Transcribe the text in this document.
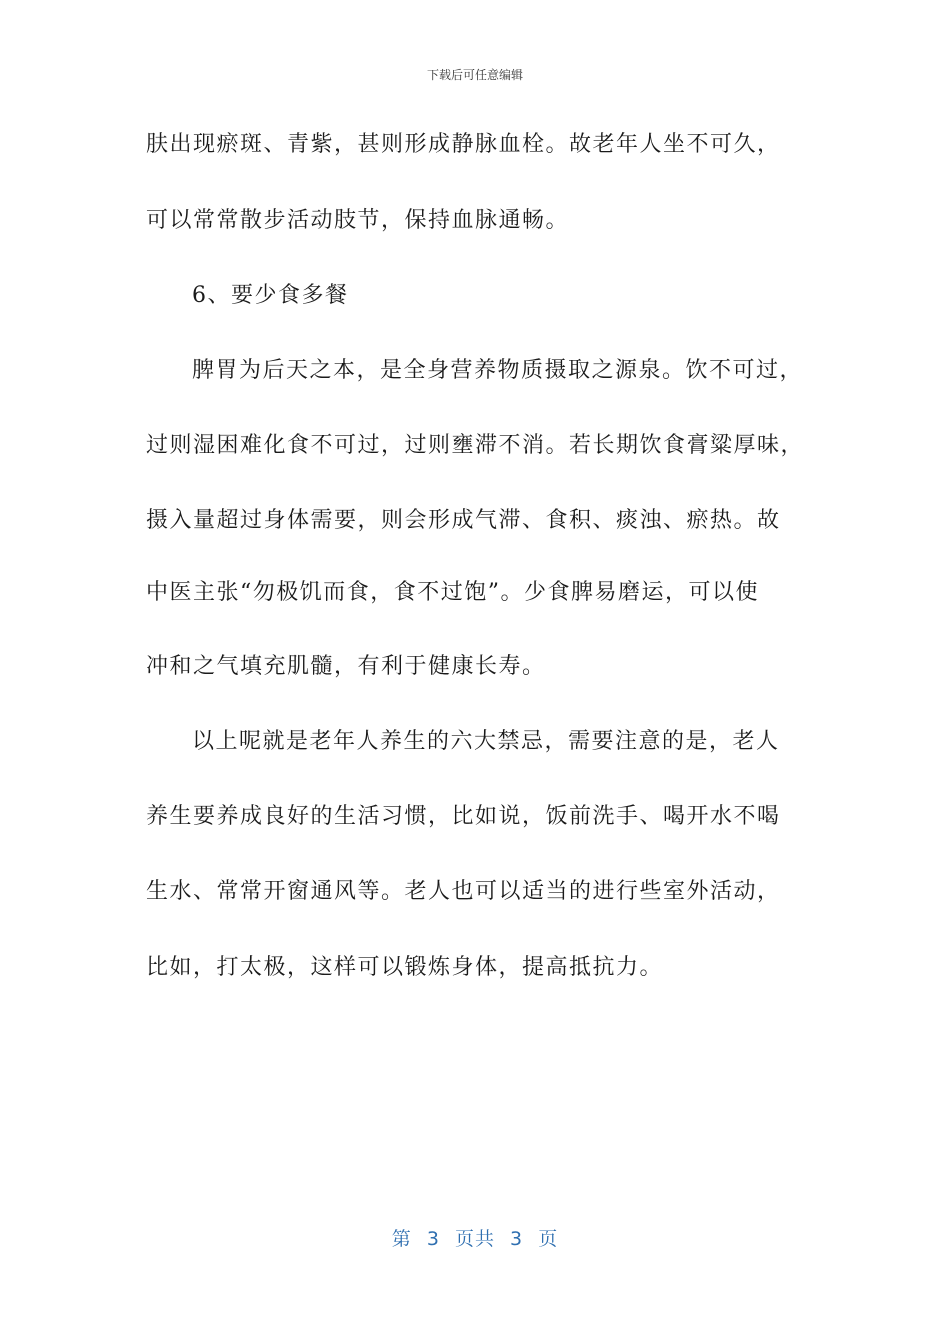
下载后可任意编辑
肤出现瘀斑、青紫，甚则形成静脉血栓。故老年人坐不可久，
可以常常散步活动肢节，保持血脉通畅。
6、要少食多餐
脾胃为后天之本，是全身营养物质摄取之源泉。饮不可过，
过则湿困难化食不可过，过则壅滞不消。若长期饮食膏粱厚味，
摄入量超过身体需要，则会形成气滞、食积、痰浊、瘀热。故
中医主张“勿极饥而食，食不过饱”。少食脾易磨运，可以使
冲和之气填充肌髓，有利于健康长寿。
以上呢就是老年人养生的六大禁忌，需要注意的是，老人
养生要养成良好的生活习惯，比如说，饭前洗手、喝开水不喝
生水、常常开窗通风等。老人也可以适当的进行些室外活动，
比如，打太极，这样可以锻炼身体，提高抵抗力。
第 3 页共 3 页
